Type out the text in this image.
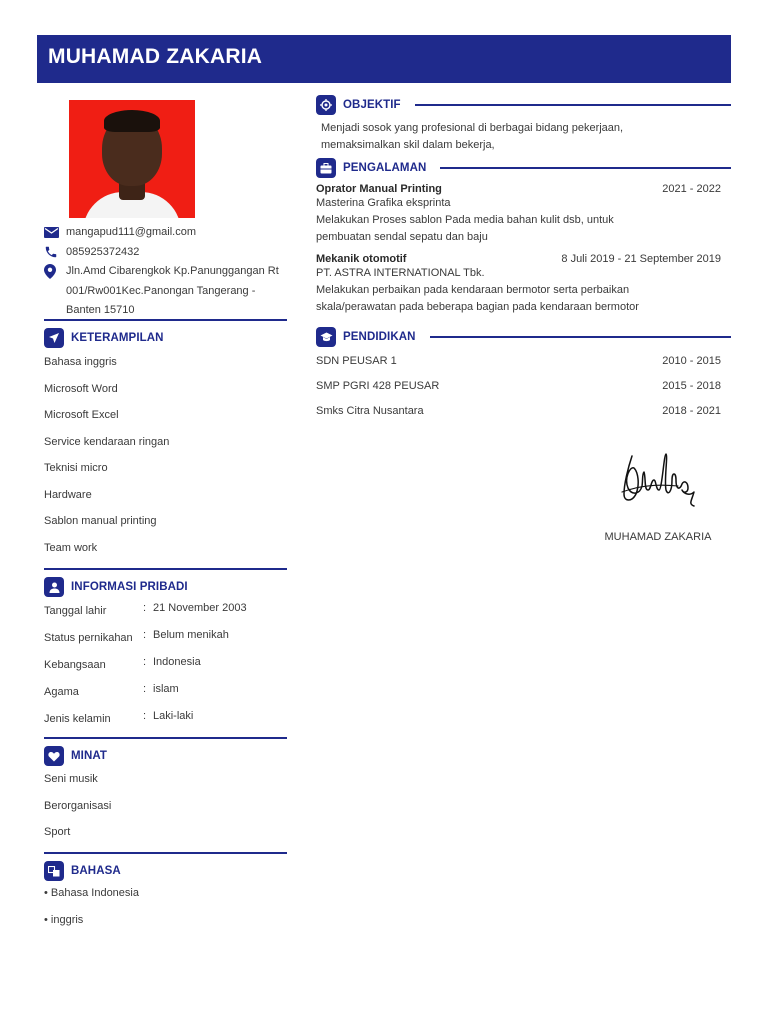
MUHAMAD ZAKARIA
mangapud111@gmail.com
085925372432
Jln.Amd Cibarengkok Kp.Panunggangan Rt 001/Rw001Kec.Panongan Tangerang - Banten 15710
KETERAMPILAN
Bahasa inggris
Microsoft Word
Microsoft Excel
Service kendaraan ringan
Teknisi micro
Hardware
Sablon manual printing
Team work
INFORMASI PRIBADI
Tanggal lahir	: 21 November 2003
Status pernikahan : Belum menikah
Kebangsaan	: Indonesia
Agama	: islam
Jenis kelamin	: Laki-laki
MINAT
Seni musik
Berorganisasi
Sport
BAHASA
• Bahasa Indonesia
• inggris
OBJEKTIF
Menjadi sosok yang profesional di berbagai bidang pekerjaan, memaksimalkan skil dalam bekerja,
PENGALAMAN
Oprator Manual Printing	2021 - 2022
Masterina Grafika eksprinta
Melakukan Proses sablon Pada media bahan kulit dsb, untuk pembuatan sendal sepatu dan baju
Mekanik otomotif	8 Juli 2019 - 21 September 2019
PT. ASTRA INTERNATIONAL Tbk.
Melakukan perbaikan pada kendaraan bermotor serta perbaikan skala/perawatan pada beberapa bagian pada kendaraan bermotor
PENDIDIKAN
SDN PEUSAR 1	2010 - 2015
SMP PGRI 428 PEUSAR	2015 - 2018
Smks Citra Nusantara	2018 - 2021
MUHAMAD ZAKARIA
